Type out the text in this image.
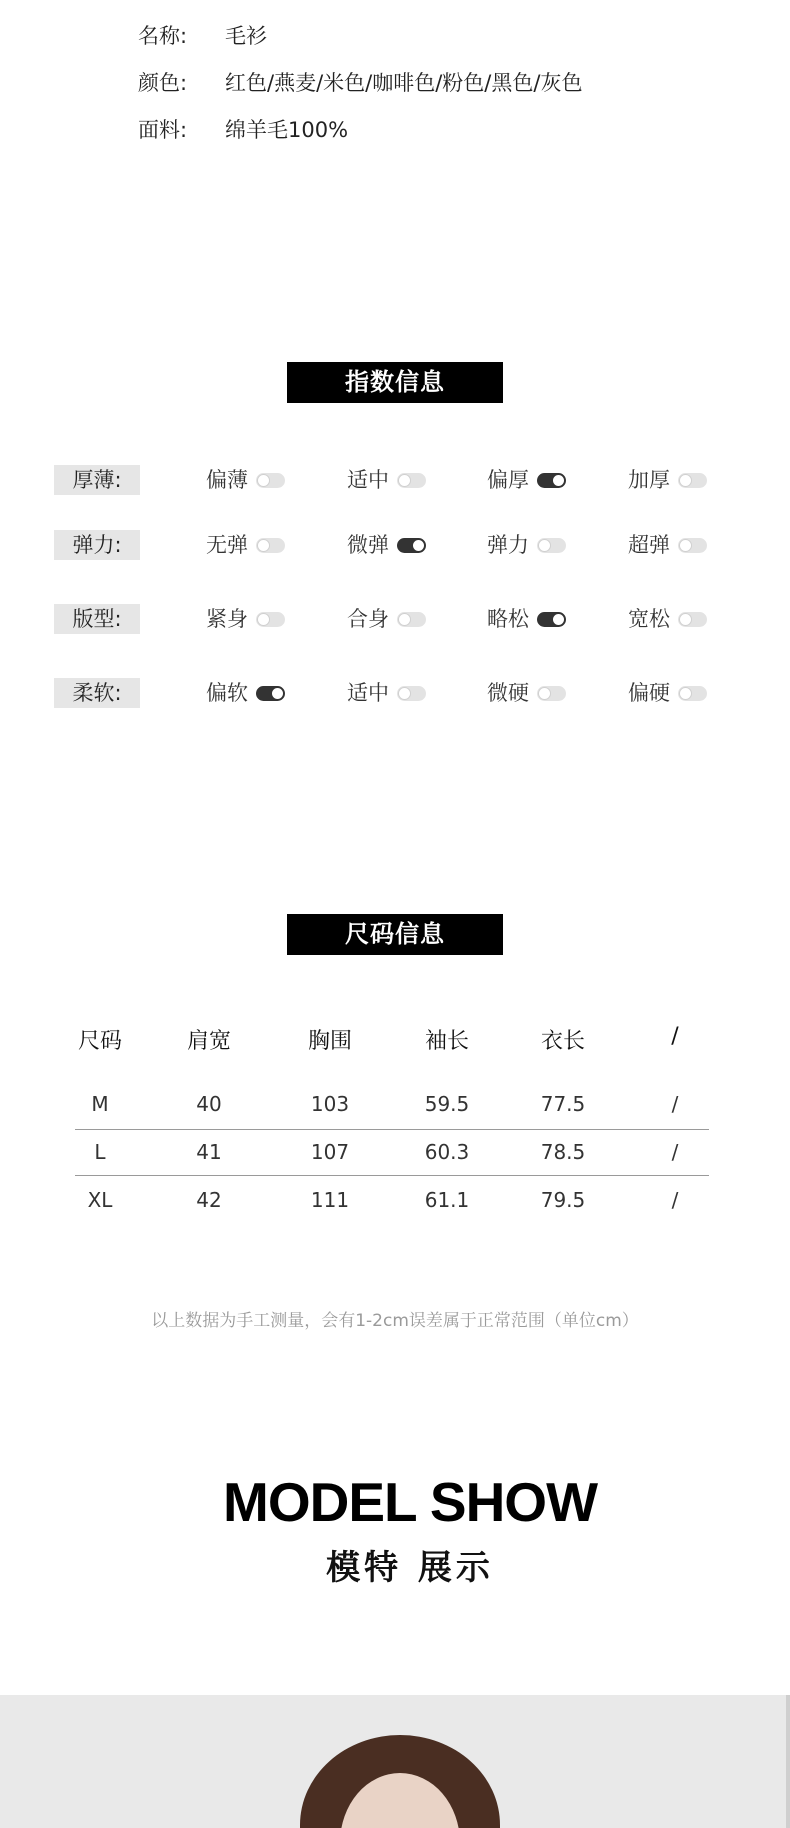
名称: 毛衫
颜色: 红色/燕麦/米色/咖啡色/粉色/黑色/灰色
面料: 绵羊毛100%
指数信息
厚薄:	偏薄	适中	偏厚	加厚
弹力:	无弹	微弹	弹力	超弹
版型:	紧身	合身	略松	宽松
柔软:	偏软	适中	微硬	偏硬
尺码信息
尺码	肩宽	胸围	袖长	衣长	/
M	40	103	59.5	77.5	/
L	41	107	60.3	78.5	/
XL	42	111	61.1	79.5	/
以上数据为手工测量，会有1-2cm误差属于正常范围（单位cm）
MODEL SHOW
模特 展示
